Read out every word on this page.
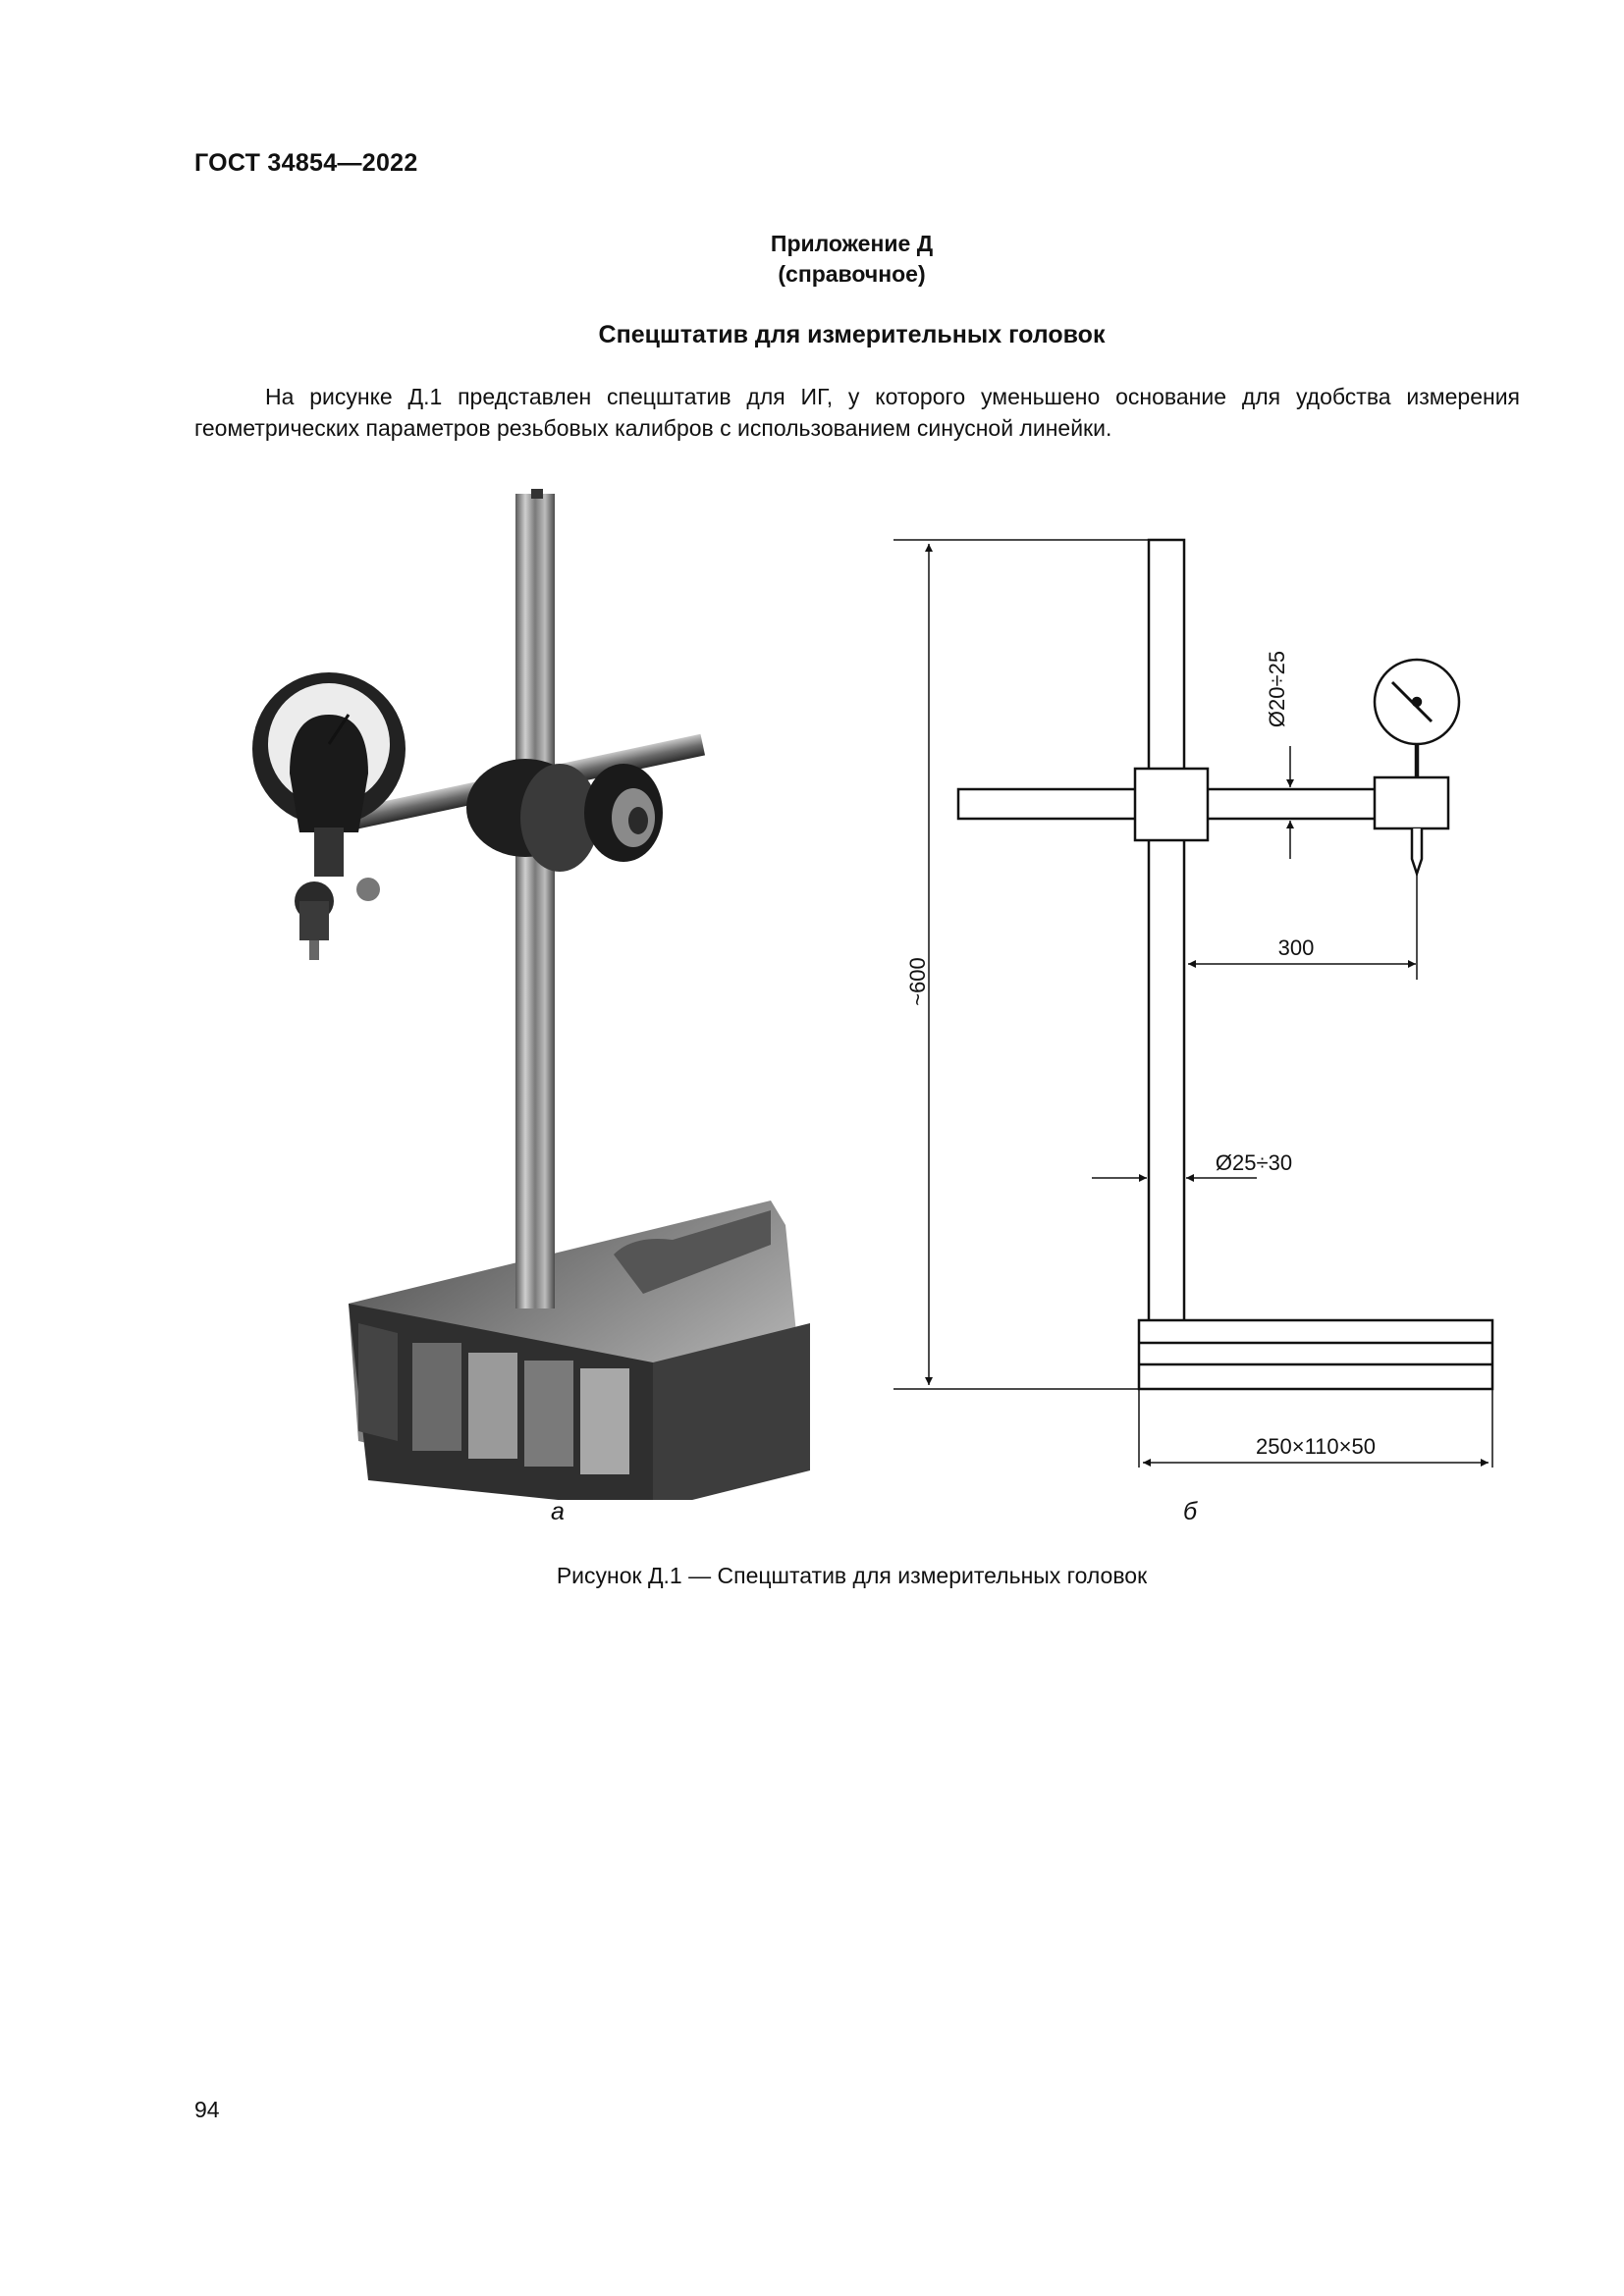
ГОСТ 34854—2022
Приложение Д
(справочное)
Спецштатив для измерительных головок
На рисунке Д.1 представлен спецштатив для ИГ, у которого уменьшено основание для удобства измерения геометрических параметров резьбовых калибров с использованием синусной линейки.
~600
Ø20÷25
300
Ø25÷30
250×110×50
а	б
Рисунок Д.1 — Спецштатив для измерительных головок
94
